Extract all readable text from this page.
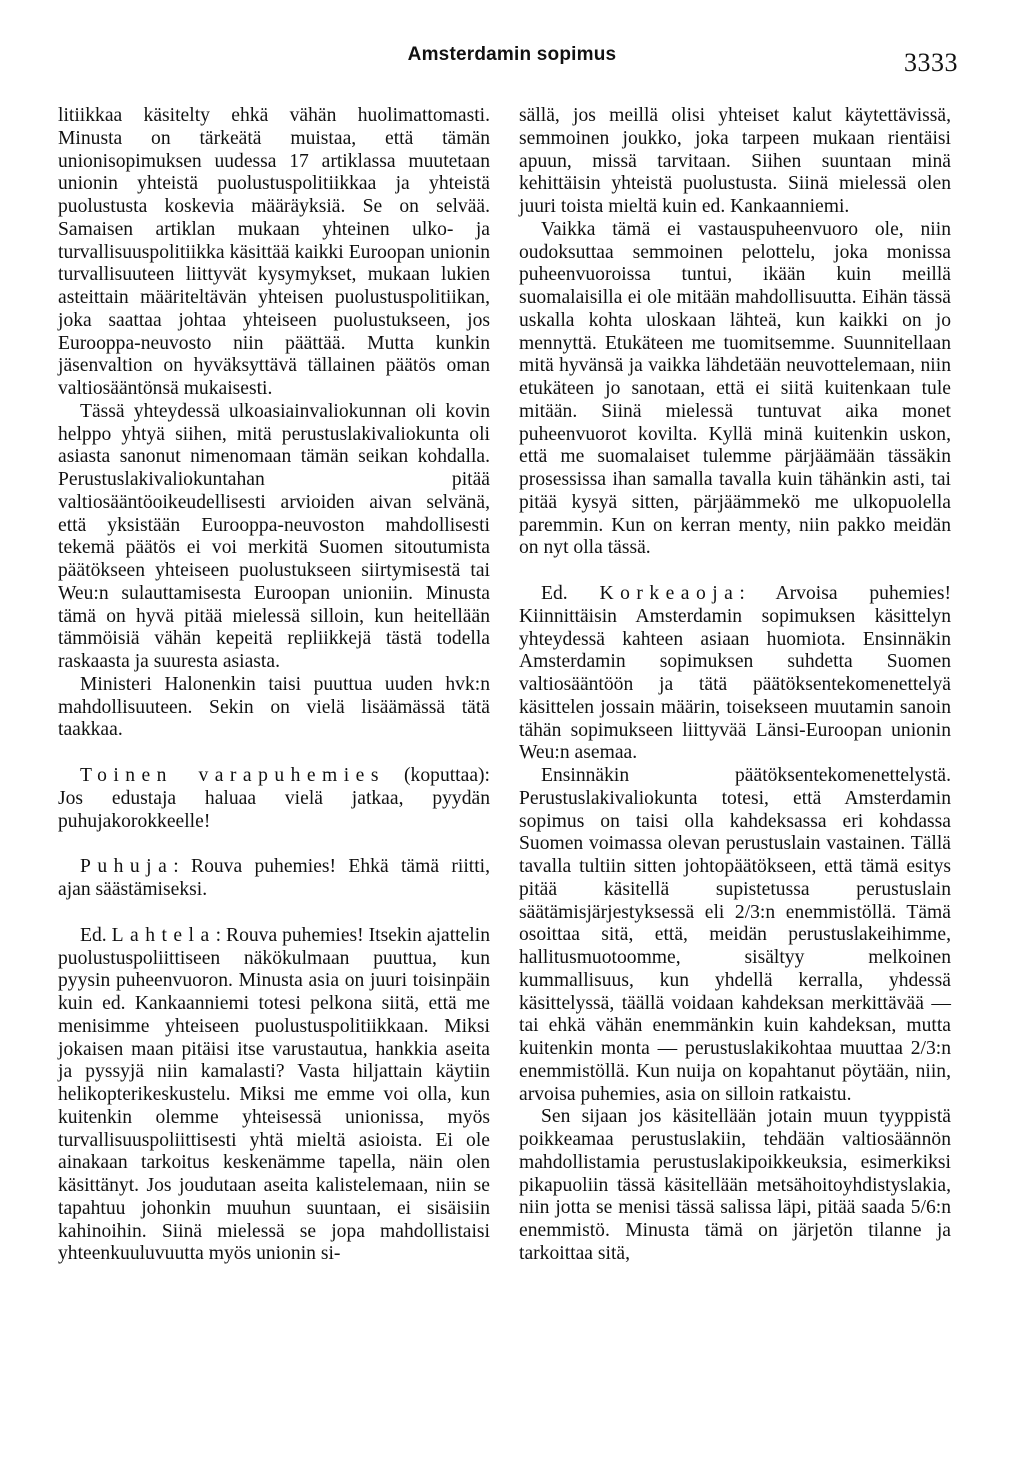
Amsterdamin sopimus	3333

litiikkaa käsitelty ehkä vähän huolimattomasti. Minusta on tärkeätä muistaa, että tämän unionisopimuksen uudessa 17 artiklassa muutetaan unionin yhteistä puolustuspolitiikkaa ja yhteistä puolustusta koskevia määräyksiä. Se on selvää. Samaisen artiklan mukaan yhteinen ulko- ja turvallisuuspolitiikka käsittää kaikki Euroopan unionin turvallisuuteen liittyvät kysymykset, mukaan lukien asteittain määriteltävän yhteisen puolustuspolitiikan, joka saattaa johtaa yhteiseen puolustukseen, jos Eurooppa-neuvosto niin päättää. Mutta kunkin jäsenvaltion on hyväksyttävä tällainen päätös oman valtiosääntönsä mukaisesti.

Tässä yhteydessä ulkoasiainvaliokunnan oli kovin helppo yhtyä siihen, mitä perustuslakivaliokunta oli asiasta sanonut nimenomaan tämän seikan kohdalla. Perustuslakivaliokuntahan pitää valtiosääntöoikeudellisesti arvioiden aivan selvänä, että yksistään Eurooppa-neuvoston mahdollisesti tekemä päätös ei voi merkitä Suomen sitoutumista päätökseen yhteiseen puolustukseen siirtymisestä tai Weu:n sulauttamisesta Euroopan unioniin. Minusta tämä on hyvä pitää mielessä silloin, kun heitellään tämmöisiä vähän kepeitä repliikkejä tästä todella raskaasta ja suuresta asiasta.

Ministeri Halonenkin taisi puuttua uuden hvk:n mahdollisuuteen. Sekin on vielä lisäämässä tätä taakkaa.

Toinen varapuhemies (koputtaa): Jos edustaja haluaa vielä jatkaa, pyydän puhujakorokkeelle!

Puhuja: Rouva puhemies! Ehkä tämä riitti, ajan säästämiseksi.

Ed. Lahtela: Rouva puhemies! Itsekin ajattelin puolustuspoliittiseen näkökulmaan puuttua, kun pyysin puheenvuoron. Minusta asia on juuri toisinpäin kuin ed. Kankaanniemi totesi pelkona siitä, että me menisimme yhteiseen puolustuspolitiikkaan. Miksi jokaisen maan pitäisi itse varustautua, hankkia aseita ja pyssyjä niin kamalasti? Vasta hiljattain käytiin helikopterikeskustelu. Miksi me emme voi olla, kun kuitenkin olemme yhteisessä unionissa, myös turvallisuuspoliittisesti yhtä mieltä asioista. Ei ole ainakaan tarkoitus keskenämme tapella, näin olen käsittänyt. Jos joudutaan aseita kalistelemaan, niin se tapahtuu johonkin muuhun suuntaan, ei sisäisiin kahinoihin. Siinä mielessä se jopa mahdollistaisi yhteenkuuluvuutta myös unionin si-

sällä, jos meillä olisi yhteiset kalut käytettävissä, semmoinen joukko, joka tarpeen mukaan rientäisi apuun, missä tarvitaan. Siihen suuntaan minä kehittäisin yhteistä puolustusta. Siinä mielessä olen juuri toista mieltä kuin ed. Kankaanniemi.

Vaikka tämä ei vastauspuheenvuoro ole, niin oudoksuttaa semmoinen pelottelu, joka monissa puheenvuoroissa tuntui, ikään kuin meillä suomalaisilla ei ole mitään mahdollisuutta. Eihän tässä uskalla kohta uloskaan lähteä, kun kaikki on jo mennyttä. Etukäteen me tuomitsemme. Suunnitellaan mitä hyvänsä ja vaikka lähdetään neuvottelemaan, niin etukäteen jo sanotaan, että ei siitä kuitenkaan tule mitään. Siinä mielessä tuntuvat aika monet puheenvuorot kovilta. Kyllä minä kuitenkin uskon, että me suomalaiset tulemme pärjäämään tässäkin prosessissa ihan samalla tavalla kuin tähänkin asti, tai pitää kysyä sitten, pärjäämmekö me ulkopuolella paremmin. Kun on kerran menty, niin pakko meidän on nyt olla tässä.

Ed. Korkeaoja: Arvoisa puhemies! Kiinnittäisin Amsterdamin sopimuksen käsittelyn yhteydessä kahteen asiaan huomiota. Ensinnäkin Amsterdamin sopimuksen suhdetta Suomen valtiosääntöön ja tätä päätöksentekomenettelyä käsittelen jossain määrin, toisekseen muutamin sanoin tähän sopimukseen liittyvää Länsi-Euroopan unionin Weu:n asemaa.

Ensinnäkin päätöksentekomenettelystä. Perustuslakivaliokunta totesi, että Amsterdamin sopimus on taisi olla kahdeksassa eri kohdassa Suomen voimassa olevan perustuslain vastainen. Tällä tavalla tultiin sitten johtopäätökseen, että tämä esitys pitää käsitellä supistetussa perustuslain säätämisjärjestyksessä eli 2/3:n enemmistöllä. Tämä osoittaa sitä, että, meidän perustuslakeihimme, hallitusmuotoomme, sisältyy melkoinen kummallisuus, kun yhdellä kerralla, yhdessä käsittelyssä, täällä voidaan kahdeksan merkittävää — tai ehkä vähän enemmänkin kuin kahdeksan, mutta kuitenkin monta — perustuslakikohtaa muuttaa 2/3:n enemmistöllä. Kun nuija on kopahtanut pöytään, niin, arvoisa puhemies, asia on silloin ratkaistu.

Sen sijaan jos käsitellään jotain muun tyyppistä poikkeamaa perustuslakiin, tehdään valtiosäännön mahdollistamia perustuslakipoikkeuksia, esimerkiksi pikapuoliin tässä käsitellään metsähoitoyhdistyslakia, niin jotta se menisi tässä salissa läpi, pitää saada 5/6:n enemmistö. Minusta tämä on järjetön tilanne ja tarkoittaa sitä,
